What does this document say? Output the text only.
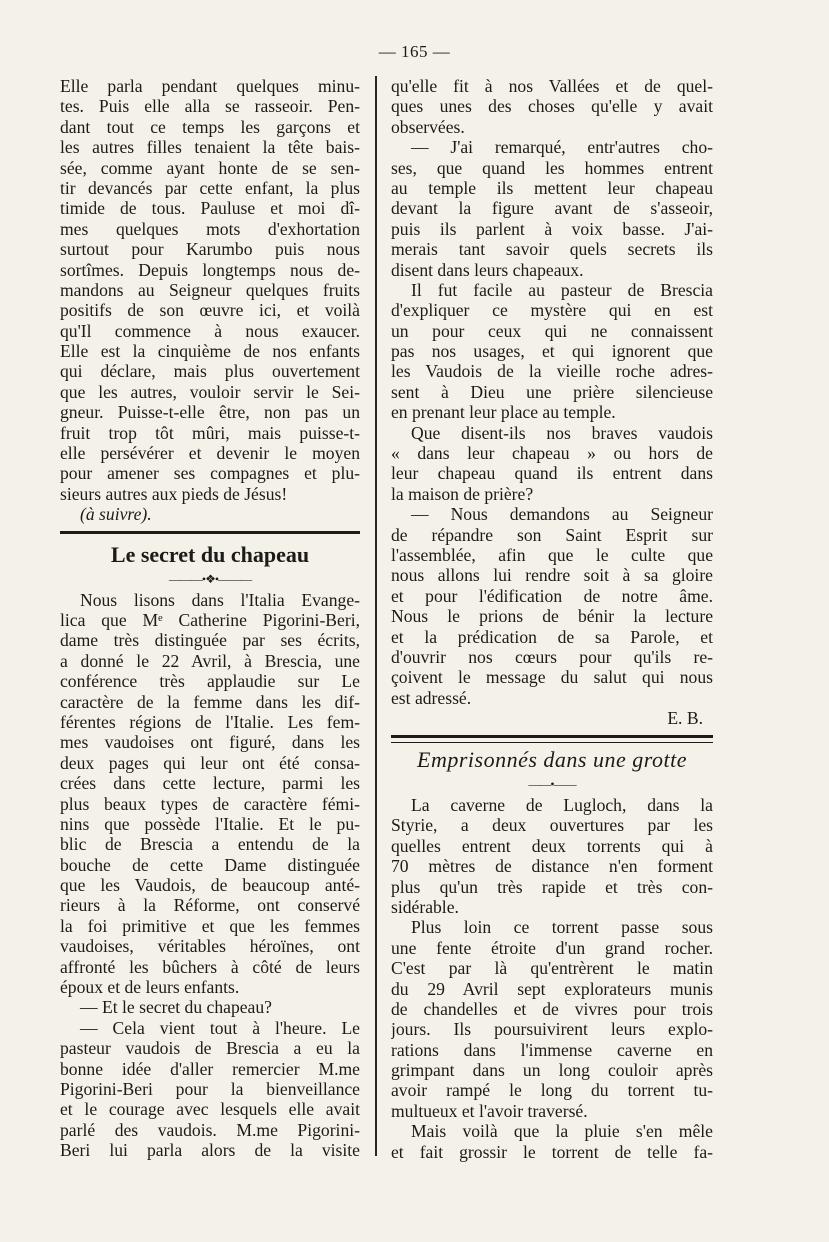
— 165 —
Elle parla pendant quelques minu-
tes. Puis elle alla se rasseoir. Pen-
dant tout ce temps les garçons et
les autres filles tenaient la tête bais-
sée, comme ayant honte de se sen-
tir devancés par cette enfant, la plus
timide de tous. Pauluse et moi dî-
mes quelques mots d'exhortation
surtout pour Karumbo puis nous
sortîmes. Depuis longtemps nous de-
mandons au Seigneur quelques fruits
positifs de son œuvre ici, et voilà
qu'Il commence à nous exaucer.
Elle est la cinquième de nos enfants
qui déclare, mais plus ouvertement
que les autres, vouloir servir le Sei-
gneur. Puisse-t-elle être, non pas un
fruit trop tôt mûri, mais puisse-t-
elle persévérer et devenir le moyen
pour amener ses compagnes et plu-
sieurs autres aux pieds de Jésus!
(à suivre).
Le secret du chapeau
———•❖•———
Nous lisons dans l'Italia Evange-
lica que Mᵉ Catherine Pigorini-Beri,
dame très distinguée par ses écrits,
a donné le 22 Avril, à Brescia, une
conférence très applaudie sur Le
caractère de la femme dans les dif-
férentes régions de l'Italie. Les fem-
mes vaudoises ont figuré, dans les
deux pages qui leur ont été consa-
crées dans cette lecture, parmi les
plus beaux types de caractère fémi-
nins que possède l'Italie. Et le pu-
blic de Brescia a entendu de la
bouche de cette Dame distinguée
que les Vaudois, de beaucoup anté-
rieurs à la Réforme, ont conservé
la foi primitive et que les femmes
vaudoises, véritables héroïnes, ont
affronté les bûchers à côté de leurs
époux et de leurs enfants.
— Et le secret du chapeau?
— Cela vient tout à l'heure. Le
pasteur vaudois de Brescia a eu la
bonne idée d'aller remercier M.me
Pigorini-Beri pour la bienveillance
et le courage avec lesquels elle avait
parlé des vaudois. M.me Pigorini-
Beri lui parla alors de la visite
qu'elle fit à nos Vallées et de quel-
ques unes des choses qu'elle y avait
observées.
— J'ai remarqué, entr'autres cho-
ses, que quand les hommes entrent
au temple ils mettent leur chapeau
devant la figure avant de s'asseoir,
puis ils parlent à voix basse. J'ai-
merais tant savoir quels secrets ils
disent dans leurs chapeaux.
Il fut facile au pasteur de Brescia
d'expliquer ce mystère qui en est
un pour ceux qui ne connaissent
pas nos usages, et qui ignorent que
les Vaudois de la vieille roche adres-
sent à Dieu une prière silencieuse
en prenant leur place au temple.
Que disent-ils nos braves vaudois
« dans leur chapeau » ou hors de
leur chapeau quand ils entrent dans
la maison de prière?
— Nous demandons au Seigneur
de répandre son Saint Esprit sur
l'assemblée, afin que le culte que
nous allons lui rendre soit à sa gloire
et pour l'édification de notre âme.
Nous le prions de bénir la lecture
et la prédication de sa Parole, et
d'ouvrir nos cœurs pour qu'ils re-
çoivent le message du salut qui nous
est adressé.
E. B.
Emprisonnés dans une grotte
——•——
La caverne de Lugloch, dans la
Styrie, a deux ouvertures par les
quelles entrent deux torrents qui à
70 mètres de distance n'en forment
plus qu'un très rapide et très con-
sidérable.
Plus loin ce torrent passe sous
une fente étroite d'un grand rocher.
C'est par là qu'entrèrent le matin
du 29 Avril sept explorateurs munis
de chandelles et de vivres pour trois
jours. Ils poursuivirent leurs explo-
rations dans l'immense caverne en
grimpant dans un long couloir après
avoir rampé le long du torrent tu-
multueux et l'avoir traversé.
Mais voilà que la pluie s'en mêle
et fait grossir le torrent de telle fa-
